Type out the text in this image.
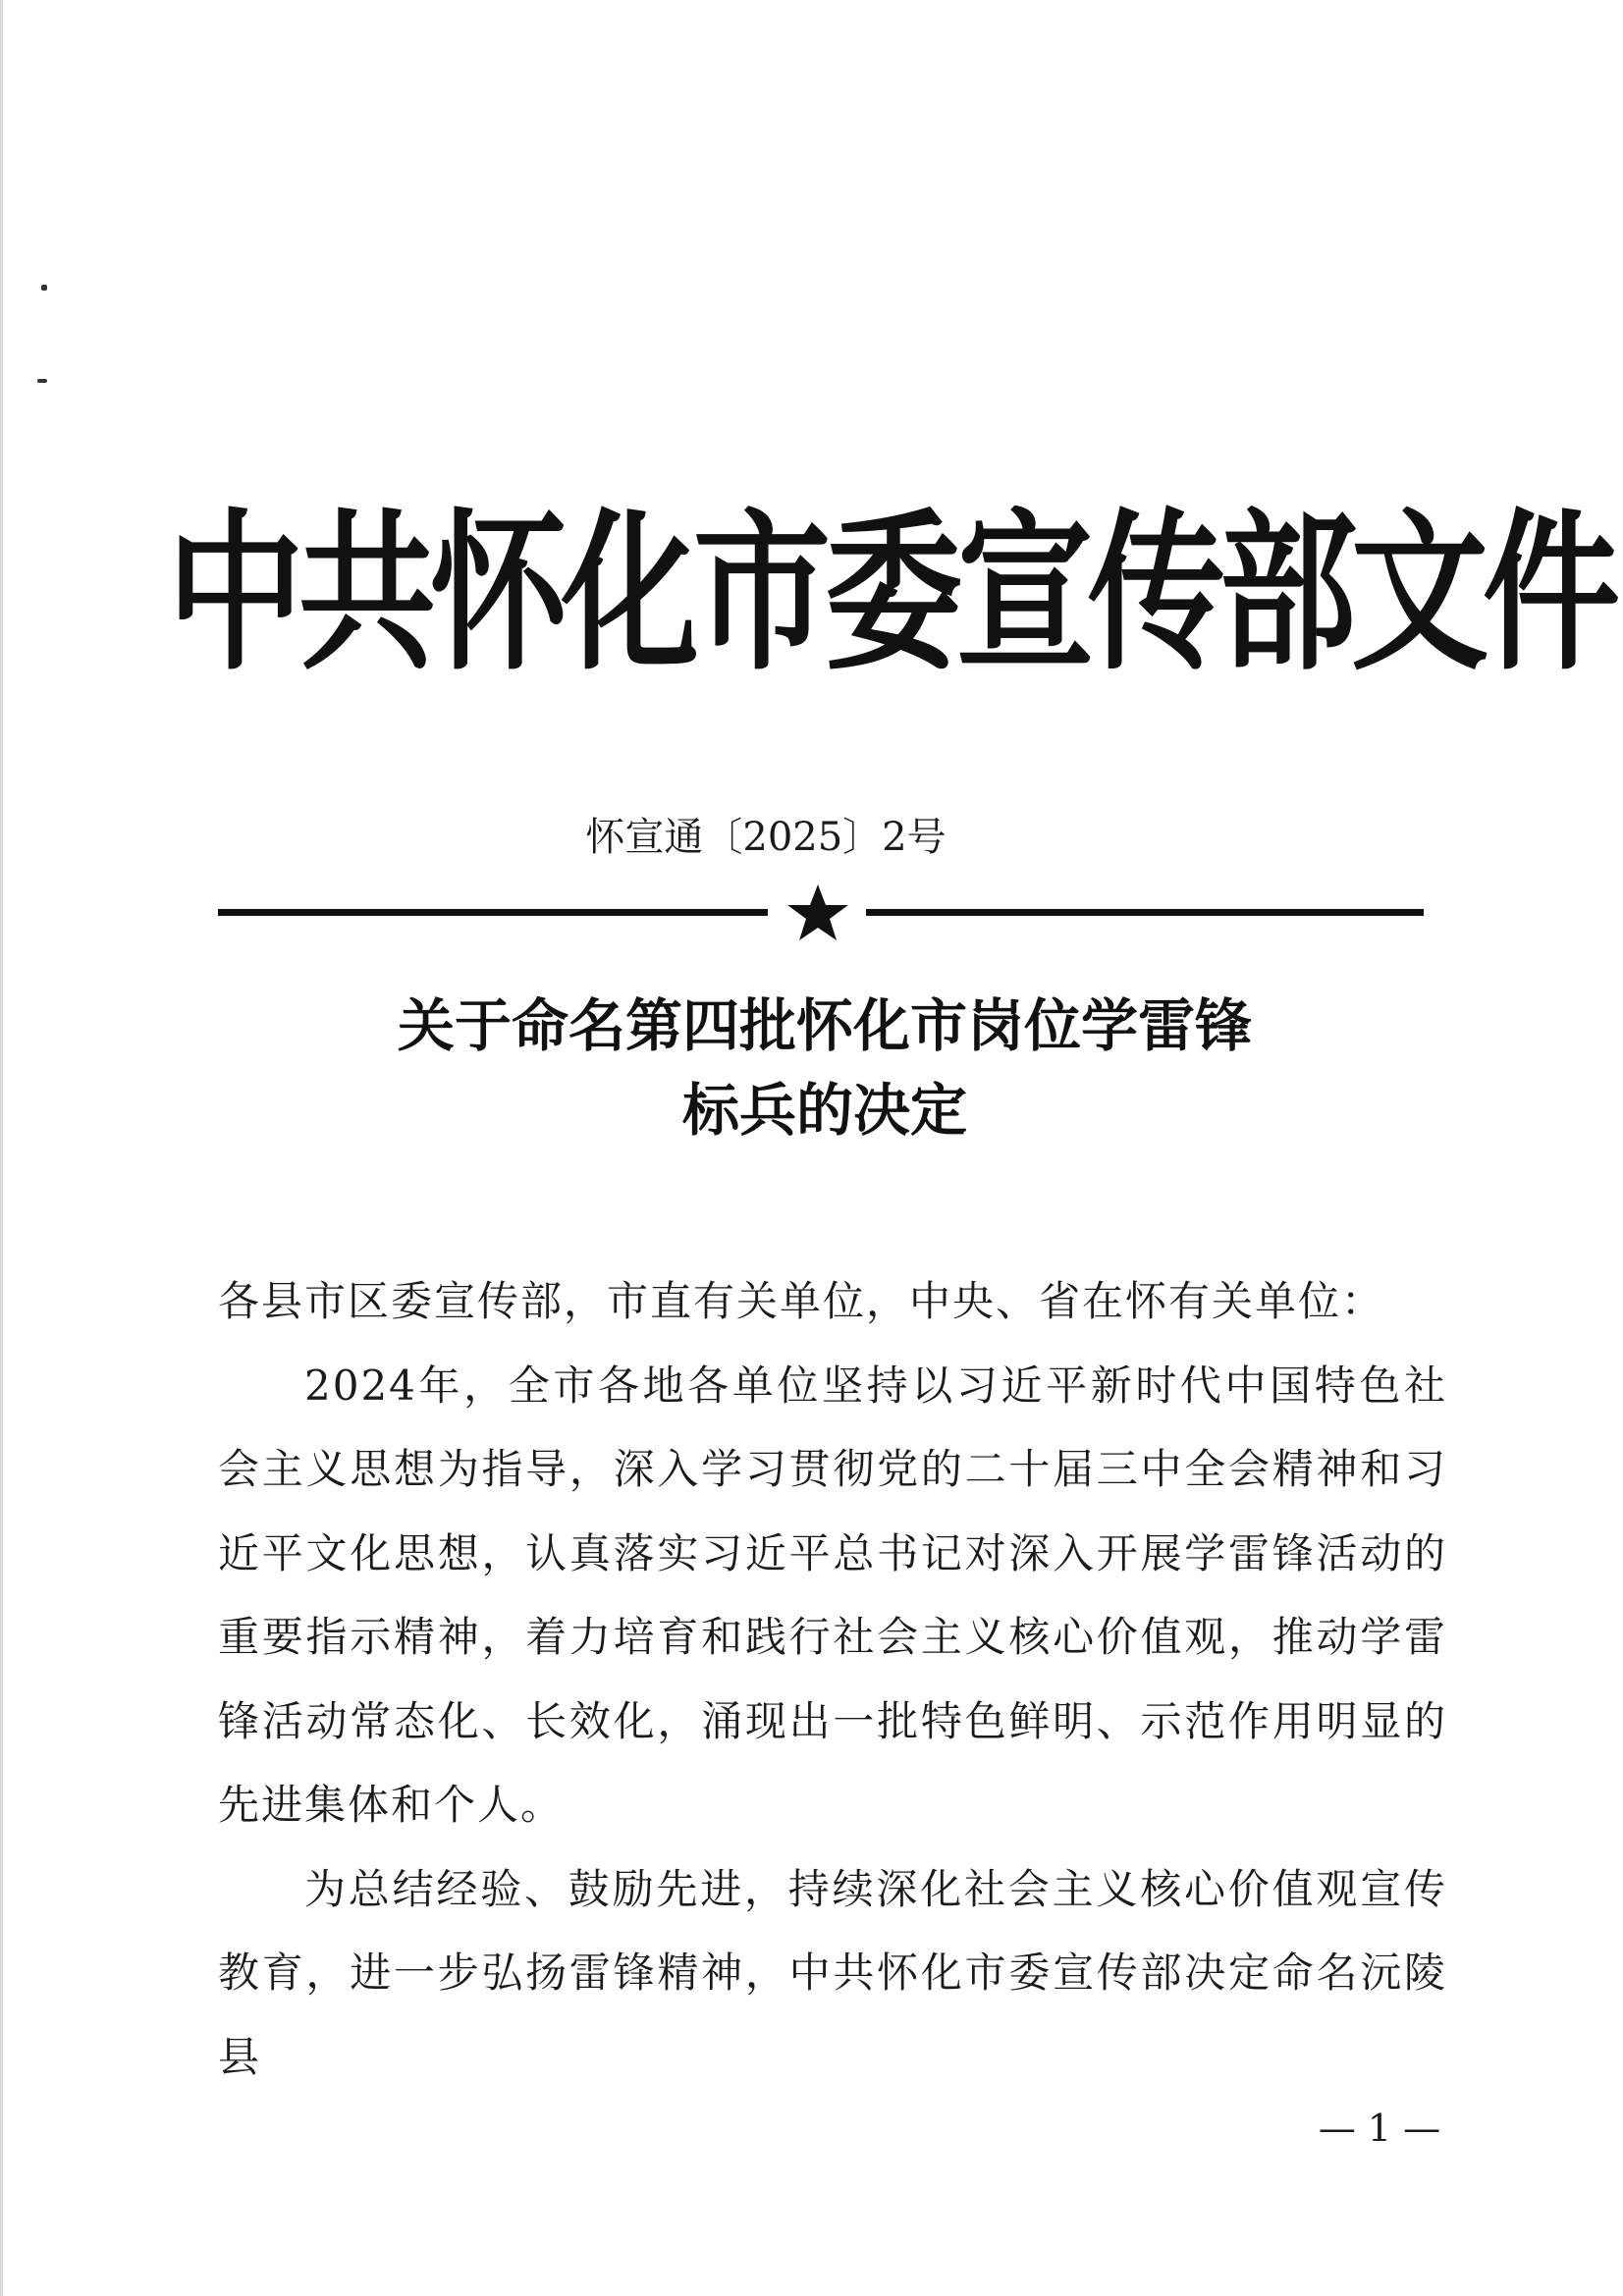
中共怀化市委宣传部文件
怀宣通〔2025〕2号
关于命名第四批怀化市岗位学雷锋
标兵的决定

各县市区委宣传部，市直有关单位，中央、省在怀有关单位：

2024年，全市各地各单位坚持以习近平新时代中国特色社会主义思想为指导，深入学习贯彻党的二十届三中全会精神和习近平文化思想，认真落实习近平总书记对深入开展学雷锋活动的重要指示精神，着力培育和践行社会主义核心价值观，推动学雷锋活动常态化、长效化，涌现出一批特色鲜明、示范作用明显的先进集体和个人。

为总结经验、鼓励先进，持续深化社会主义核心价值观宣传教育，进一步弘扬雷锋精神，中共怀化市委宣传部决定命名沅陵县

— 1 —
